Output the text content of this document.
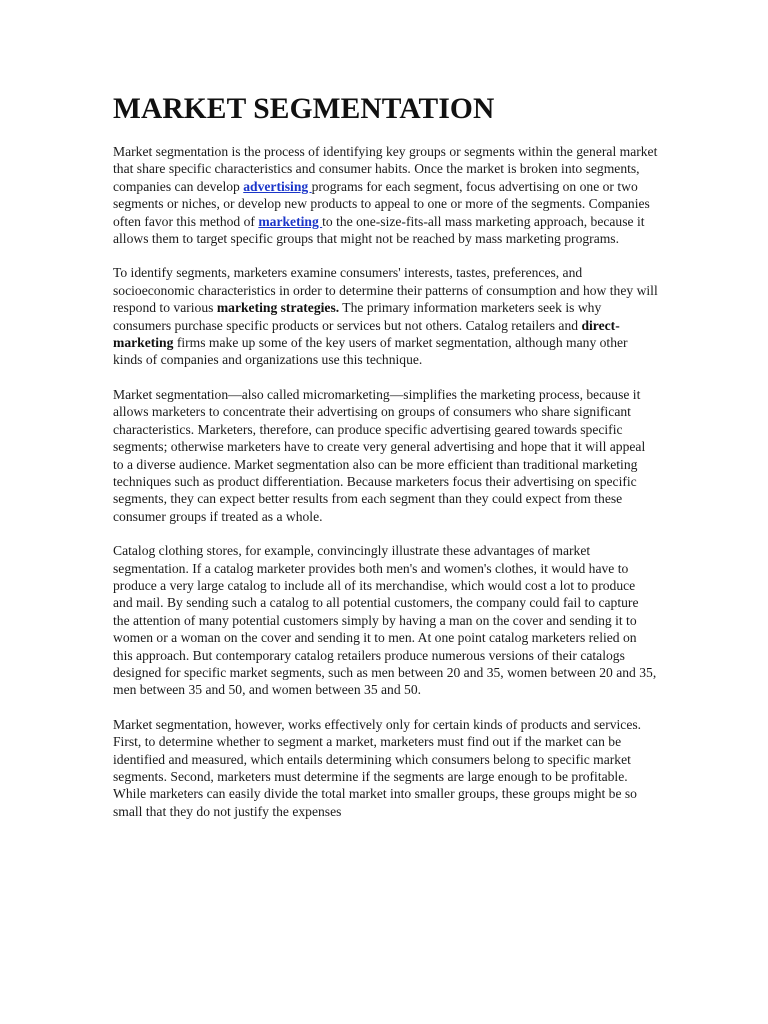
MARKET SEGMENTATION

Market segmentation is the process of identifying key groups or segments within the general market that share specific characteristics and consumer habits. Once the market is broken into segments, companies can develop advertising programs for each segment, focus advertising on one or two segments or niches, or develop new products to appeal to one or more of the segments. Companies often favor this method of marketing to the one-size-fits-all mass marketing approach, because it allows them to target specific groups that might not be reached by mass marketing programs.

To identify segments, marketers examine consumers' interests, tastes, preferences, and socioeconomic characteristics in order to determine their patterns of consumption and how they will respond to various marketing strategies. The primary information marketers seek is why consumers purchase specific products or services but not others. Catalog retailers and direct-marketing firms make up some of the key users of market segmentation, although many other kinds of companies and organizations use this technique.

Market segmentation—also called micromarketing—simplifies the marketing process, because it allows marketers to concentrate their advertising on groups of consumers who share significant characteristics. Marketers, therefore, can produce specific advertising geared towards specific segments; otherwise marketers have to create very general advertising and hope that it will appeal to a diverse audience. Market segmentation also can be more efficient than traditional marketing techniques such as product differentiation. Because marketers focus their advertising on specific segments, they can expect better results from each segment than they could expect from these consumer groups if treated as a whole.

Catalog clothing stores, for example, convincingly illustrate these advantages of market segmentation. If a catalog marketer provides both men's and women's clothes, it would have to produce a very large catalog to include all of its merchandise, which would cost a lot to produce and mail. By sending such a catalog to all potential customers, the company could fail to capture the attention of many potential customers simply by having a man on the cover and sending it to women or a woman on the cover and sending it to men. At one point catalog marketers relied on this approach. But contemporary catalog retailers produce numerous versions of their catalogs designed for specific market segments, such as men between 20 and 35, women between 20 and 35, men between 35 and 50, and women between 35 and 50.

Market segmentation, however, works effectively only for certain kinds of products and services. First, to determine whether to segment a market, marketers must find out if the market can be identified and measured, which entails determining which consumers belong to specific market segments. Second, marketers must determine if the segments are large enough to be profitable. While marketers can easily divide the total market into smaller groups, these groups might be so small that they do not justify the expenses
